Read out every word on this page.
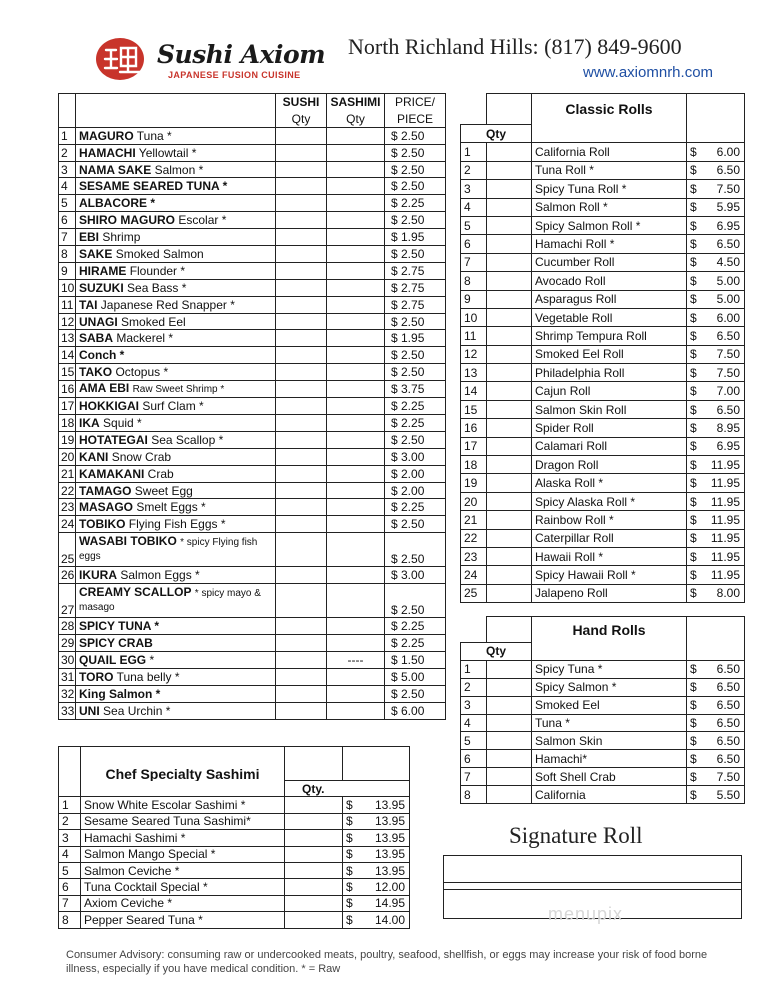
Sushi Axiom
JAPANESE FUSION CUISINE
North Richland Hills: (817) 849-9600
www.axiomnrh.com
		SUSHI	SASHIMI	PRICE/
		Qty	Qty	PIECE
1	MAGURO Tuna *			$ 2.50
2	HAMACHI Yellowtail *			$ 2.50
3	NAMA SAKE Salmon *			$ 2.50
4	SESAME SEARED TUNA *			$ 2.50
5	ALBACORE *			$ 2.25
6	SHIRO MAGURO Escolar *			$ 2.50
7	EBI Shrimp			$ 1.95
8	SAKE Smoked Salmon			$ 2.50
9	HIRAME Flounder *			$ 2.75
10	SUZUKI Sea Bass *			$ 2.75
11	TAI Japanese Red Snapper *			$ 2.75
12	UNAGI Smoked Eel			$ 2.50
13	SABA Mackerel *			$ 1.95
14	Conch *			$ 2.50
15	TAKO Octopus *			$ 2.50
16	AMA EBI Raw Sweet Shrimp *			$ 3.75
17	HOKKIGAI Surf Clam *			$ 2.25
18	IKA Squid *			$ 2.25
19	HOTATEGAI Sea Scallop *			$ 2.50
20	KANI Snow Crab			$ 3.00
21	KAMAKANI Crab			$ 2.00
22	TAMAGO Sweet Egg			$ 2.00
23	MASAGO Smelt Eggs *			$ 2.25
24	TOBIKO Flying Fish Eggs *			$ 2.50
25	WASABI TOBIKO * spicy Flying fish eggs			$ 2.50
26	IKURA Salmon Eggs *			$ 3.00
27	CREAMY SCALLOP * spicy mayo & masago			$ 2.50
28	SPICY TUNA *			$ 2.25
29	SPICY CRAB			$ 2.25
30	QUAIL EGG *		----	$ 1.50
31	TORO Tuna belly *			$ 5.00
32	King Salmon *			$ 2.50
33	UNI Sea Urchin *			$ 6.00
		Classic Rolls		
Qty				
1		California Roll	$	6.00
2		Tuna Roll *	$	6.50
3		Spicy Tuna Roll *	$	7.50
4		Salmon Roll *	$	5.95
5		Spicy Salmon Roll *	$	6.95
6		Hamachi Roll *	$	6.50
7		Cucumber Roll	$	4.50
8		Avocado Roll	$	5.00
9		Asparagus Roll	$	5.00
10		Vegetable Roll	$	6.00
11		Shrimp Tempura Roll	$	6.50
12		Smoked Eel Roll	$	7.50
13		Philadelphia Roll	$	7.50
14		Cajun Roll	$	7.00
15		Salmon Skin Roll	$	6.50
16		Spider Roll	$	8.95
17		Calamari Roll	$	6.95
18		Dragon Roll	$	11.95
19		Alaska Roll *	$	11.95
20		Spicy Alaska Roll *	$	11.95
21		Rainbow Roll *	$	11.95
22		Caterpillar Roll	$	11.95
23		Hawaii Roll *	$	11.95
24		Spicy Hawaii Roll *	$	11.95
25		Jalapeno Roll	$	8.00
		Hand Rolls		
Qty				
1		Spicy Tuna *	$	6.50
2		Spicy Salmon *	$	6.50
3		Smoked Eel	$	6.50
4		Tuna *	$	6.50
5		Salmon Skin	$	6.50
6		Hamachi*	$	6.50
7		Soft Shell Crab	$	7.50
8		California	$	5.50
	Chef Specialty Sashimi			
		Qty.		
1	Snow White Escolar Sashimi *		$	13.95
2	Sesame Seared Tuna Sashimi*		$	13.95
3	Hamachi Sashimi *		$	13.95
4	Salmon Mango Special *		$	13.95
5	Salmon Ceviche *		$	13.95
6	Tuna Cocktail Special *		$	12.00
7	Axiom Ceviche *		$	14.95
8	Pepper Seared Tuna *		$	14.00
Signature Roll

menupix
Consumer Advisory: consuming raw or undercooked meats, poultry, seafood, shellfish, or eggs may increase your risk of food borne illness, especially if you have medical condition. * = Raw
